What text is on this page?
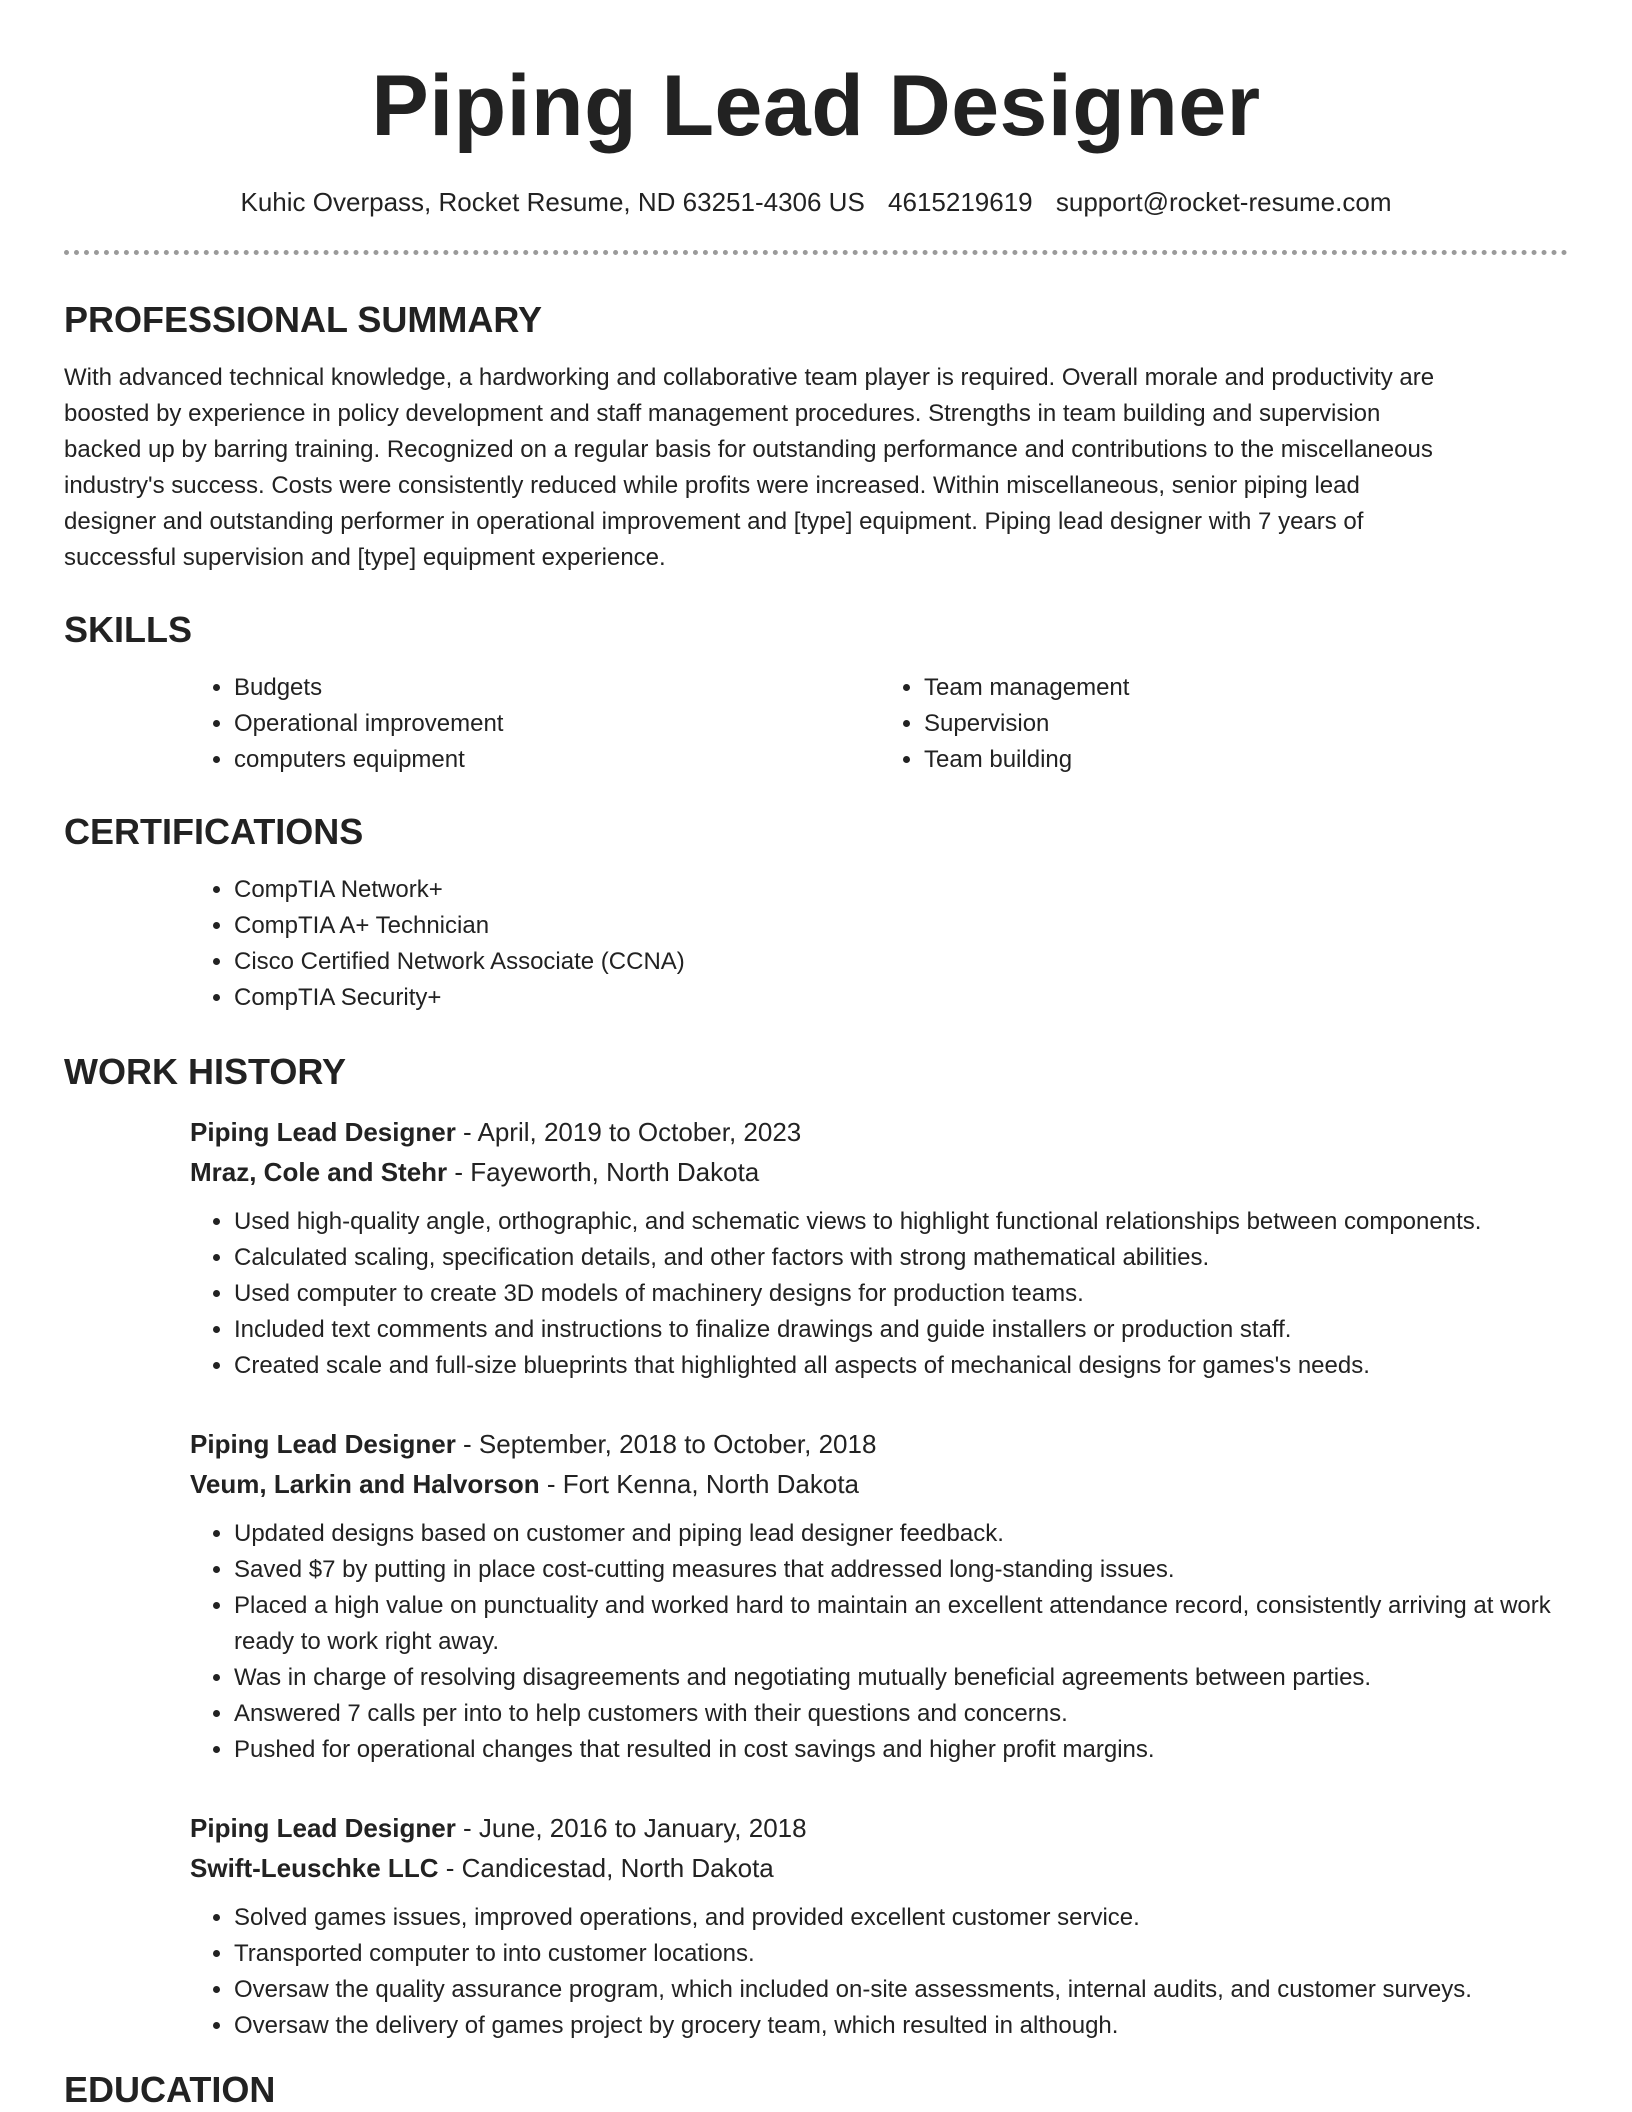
Piping Lead Designer
Kuhic Overpass, Rocket Resume, ND 63251-4306 US 4615219619 support@rocket-resume.com
PROFESSIONAL SUMMARY

With advanced technical knowledge, a hardworking and collaborative team player is required. Overall morale and productivity are boosted by experience in policy development and staff management procedures. Strengths in team building and supervision backed up by barring training. Recognized on a regular basis for outstanding performance and contributions to the miscellaneous industry's success. Costs were consistently reduced while profits were increased. Within miscellaneous, senior piping lead designer and outstanding performer in operational improvement and [type] equipment. Piping lead designer with 7 years of successful supervision and [type] equipment experience.

SKILLS
• Budgets
• Operational improvement
• computers equipment
• Team management
• Supervision
• Team building
CERTIFICATIONS
• CompTIA Network+
• CompTIA A+ Technician
• Cisco Certified Network Associate (CCNA)
• CompTIA Security+
WORK HISTORY
Piping Lead Designer - April, 2019 to October, 2023
Mraz, Cole and Stehr - Fayeworth, North Dakota
• Used high-quality angle, orthographic, and schematic views to highlight functional relationships between components.
• Calculated scaling, specification details, and other factors with strong mathematical abilities.
• Used computer to create 3D models of machinery designs for production teams.
• Included text comments and instructions to finalize drawings and guide installers or production staff.
• Created scale and full-size blueprints that highlighted all aspects of mechanical designs for games's needs.
Piping Lead Designer - September, 2018 to October, 2018
Veum, Larkin and Halvorson - Fort Kenna, North Dakota
• Updated designs based on customer and piping lead designer feedback.
• Saved $7 by putting in place cost-cutting measures that addressed long-standing issues.
• Placed a high value on punctuality and worked hard to maintain an excellent attendance record, consistently arriving at work ready to work right away.
• Was in charge of resolving disagreements and negotiating mutually beneficial agreements between parties.
• Answered 7 calls per into to help customers with their questions and concerns.
• Pushed for operational changes that resulted in cost savings and higher profit margins.
Piping Lead Designer - June, 2016 to January, 2018
Swift-Leuschke LLC - Candicestad, North Dakota
• Solved games issues, improved operations, and provided excellent customer service.
• Transported computer to into customer locations.
• Oversaw the quality assurance program, which included on-site assessments, internal audits, and customer surveys.
• Oversaw the delivery of games project by grocery team, which resulted in although.
EDUCATION
